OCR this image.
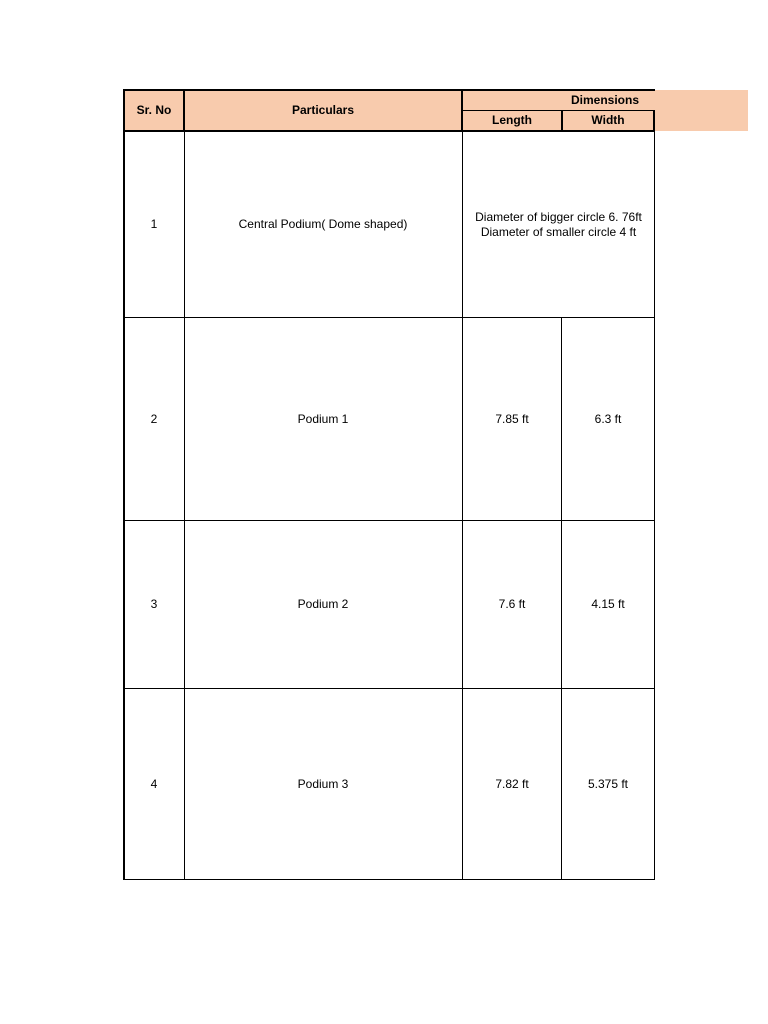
Sr. No	Particulars
Dimensions
Length	Width
1	Central Podium( Dome shaped)
Diameter of bigger circle 6. 76ft
Diameter of smaller circle 4 ft
2	Podium 1	7.85 ft	6.3 ft
3	Podium 2	7.6 ft	4.15 ft
4	Podium 3	7.82 ft	5.375 ft
